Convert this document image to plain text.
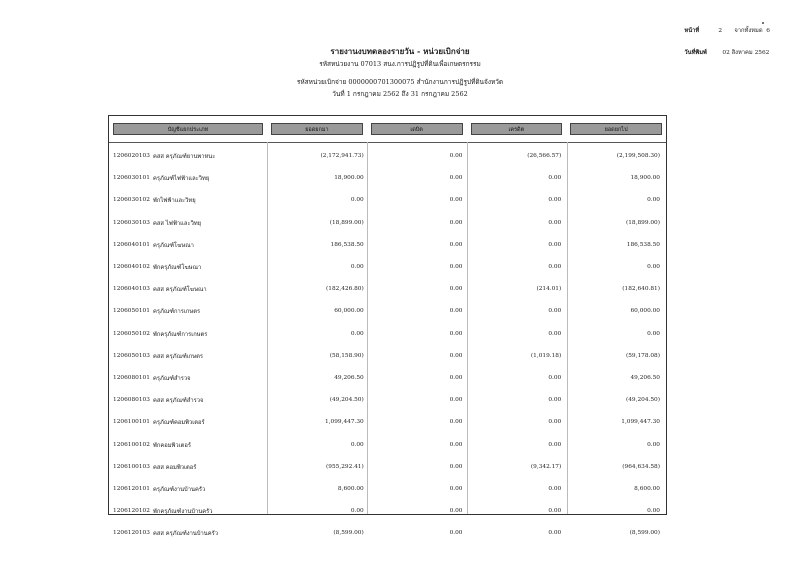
หน้าที่	2	จากทั้งหมด
6
วันที่พิมพ์	02 สิงหาคม 2562
รายงานงบทดลองรายวัน - หน่วยเบิกจ่าย
รหัสหน่วยงาน 07013 สนง.การปฏิรูปที่ดินเพื่อเกษตรกรรม
รหัสหน่วยเบิกจ่าย 0000000701300075 สำนักงานการปฏิรูปที่ดินจังหวัด
วันที่ 1 กรกฎาคม 2562 ถึง 31 กรกฎาคม 2562
บัญชีแยกประเภท	ยอดยกมา	เดบิต	เครดิต	ยอดยกไป
1206020103 คสส ครุภัณฑ์ยานพาหนะ	(2,172,941.73)	0.00	(26,566.57)	(2,199,508.30)
1206030101 ครุภัณฑ์ไฟฟ้าและวิทยุ	18,900.00	0.00	0.00	18,900.00
1206030102 พักไฟฟ้าและวิทยุ	0.00	0.00	0.00	0.00
1206030103 คสส ไฟฟ้าและวิทยุ	(18,899.00)	0.00	0.00	(18,899.00)
1206040101 ครุภัณฑ์โฆษณา	186,538.50	0.00	0.00	186,538.50
1206040102 พักครุภัณฑ์โฆษณา	0.00	0.00	0.00	0.00
1206040103 คสส ครุภัณฑ์โฆษณา	(182,426.80)	0.00	(214.01)	(182,640.81)
1206050101 ครุภัณฑ์การเกษตร	60,000.00	0.00	0.00	60,000.00
1206050102 พักครุภัณฑ์การเกษตร	0.00	0.00	0.00	0.00
1206050103 คสส ครุภัณฑ์เกษตร	(58,158.90)	0.00	(1,019.18)	(59,178.08)
1206080101 ครุภัณฑ์สำรวจ	49,206.50	0.00	0.00	49,206.50
1206080103 คสส ครุภัณฑ์สำรวจ	(49,204.50)	0.00	0.00	(49,204.50)
1206100101 ครุภัณฑ์คอมพิวเตอร์	1,099,447.30	0.00	0.00	1,099,447.30
1206100102 พักคอมพิวเตอร์	0.00	0.00	0.00	0.00
1206100103 คสส คอมพิวเตอร์	(955,292.41)	0.00	(9,342.17)	(964,634.58)
1206120101 ครุภัณฑ์งานบ้านครัว	8,600.00	0.00	0.00	8,600.00
1206120102 พักครุภัณฑ์งานบ้านครัว	0.00	0.00	0.00	0.00
1206120103 คสส ครุภัณฑ์งานบ้านครัว	(8,599.00)	0.00	0.00	(8,599.00)
